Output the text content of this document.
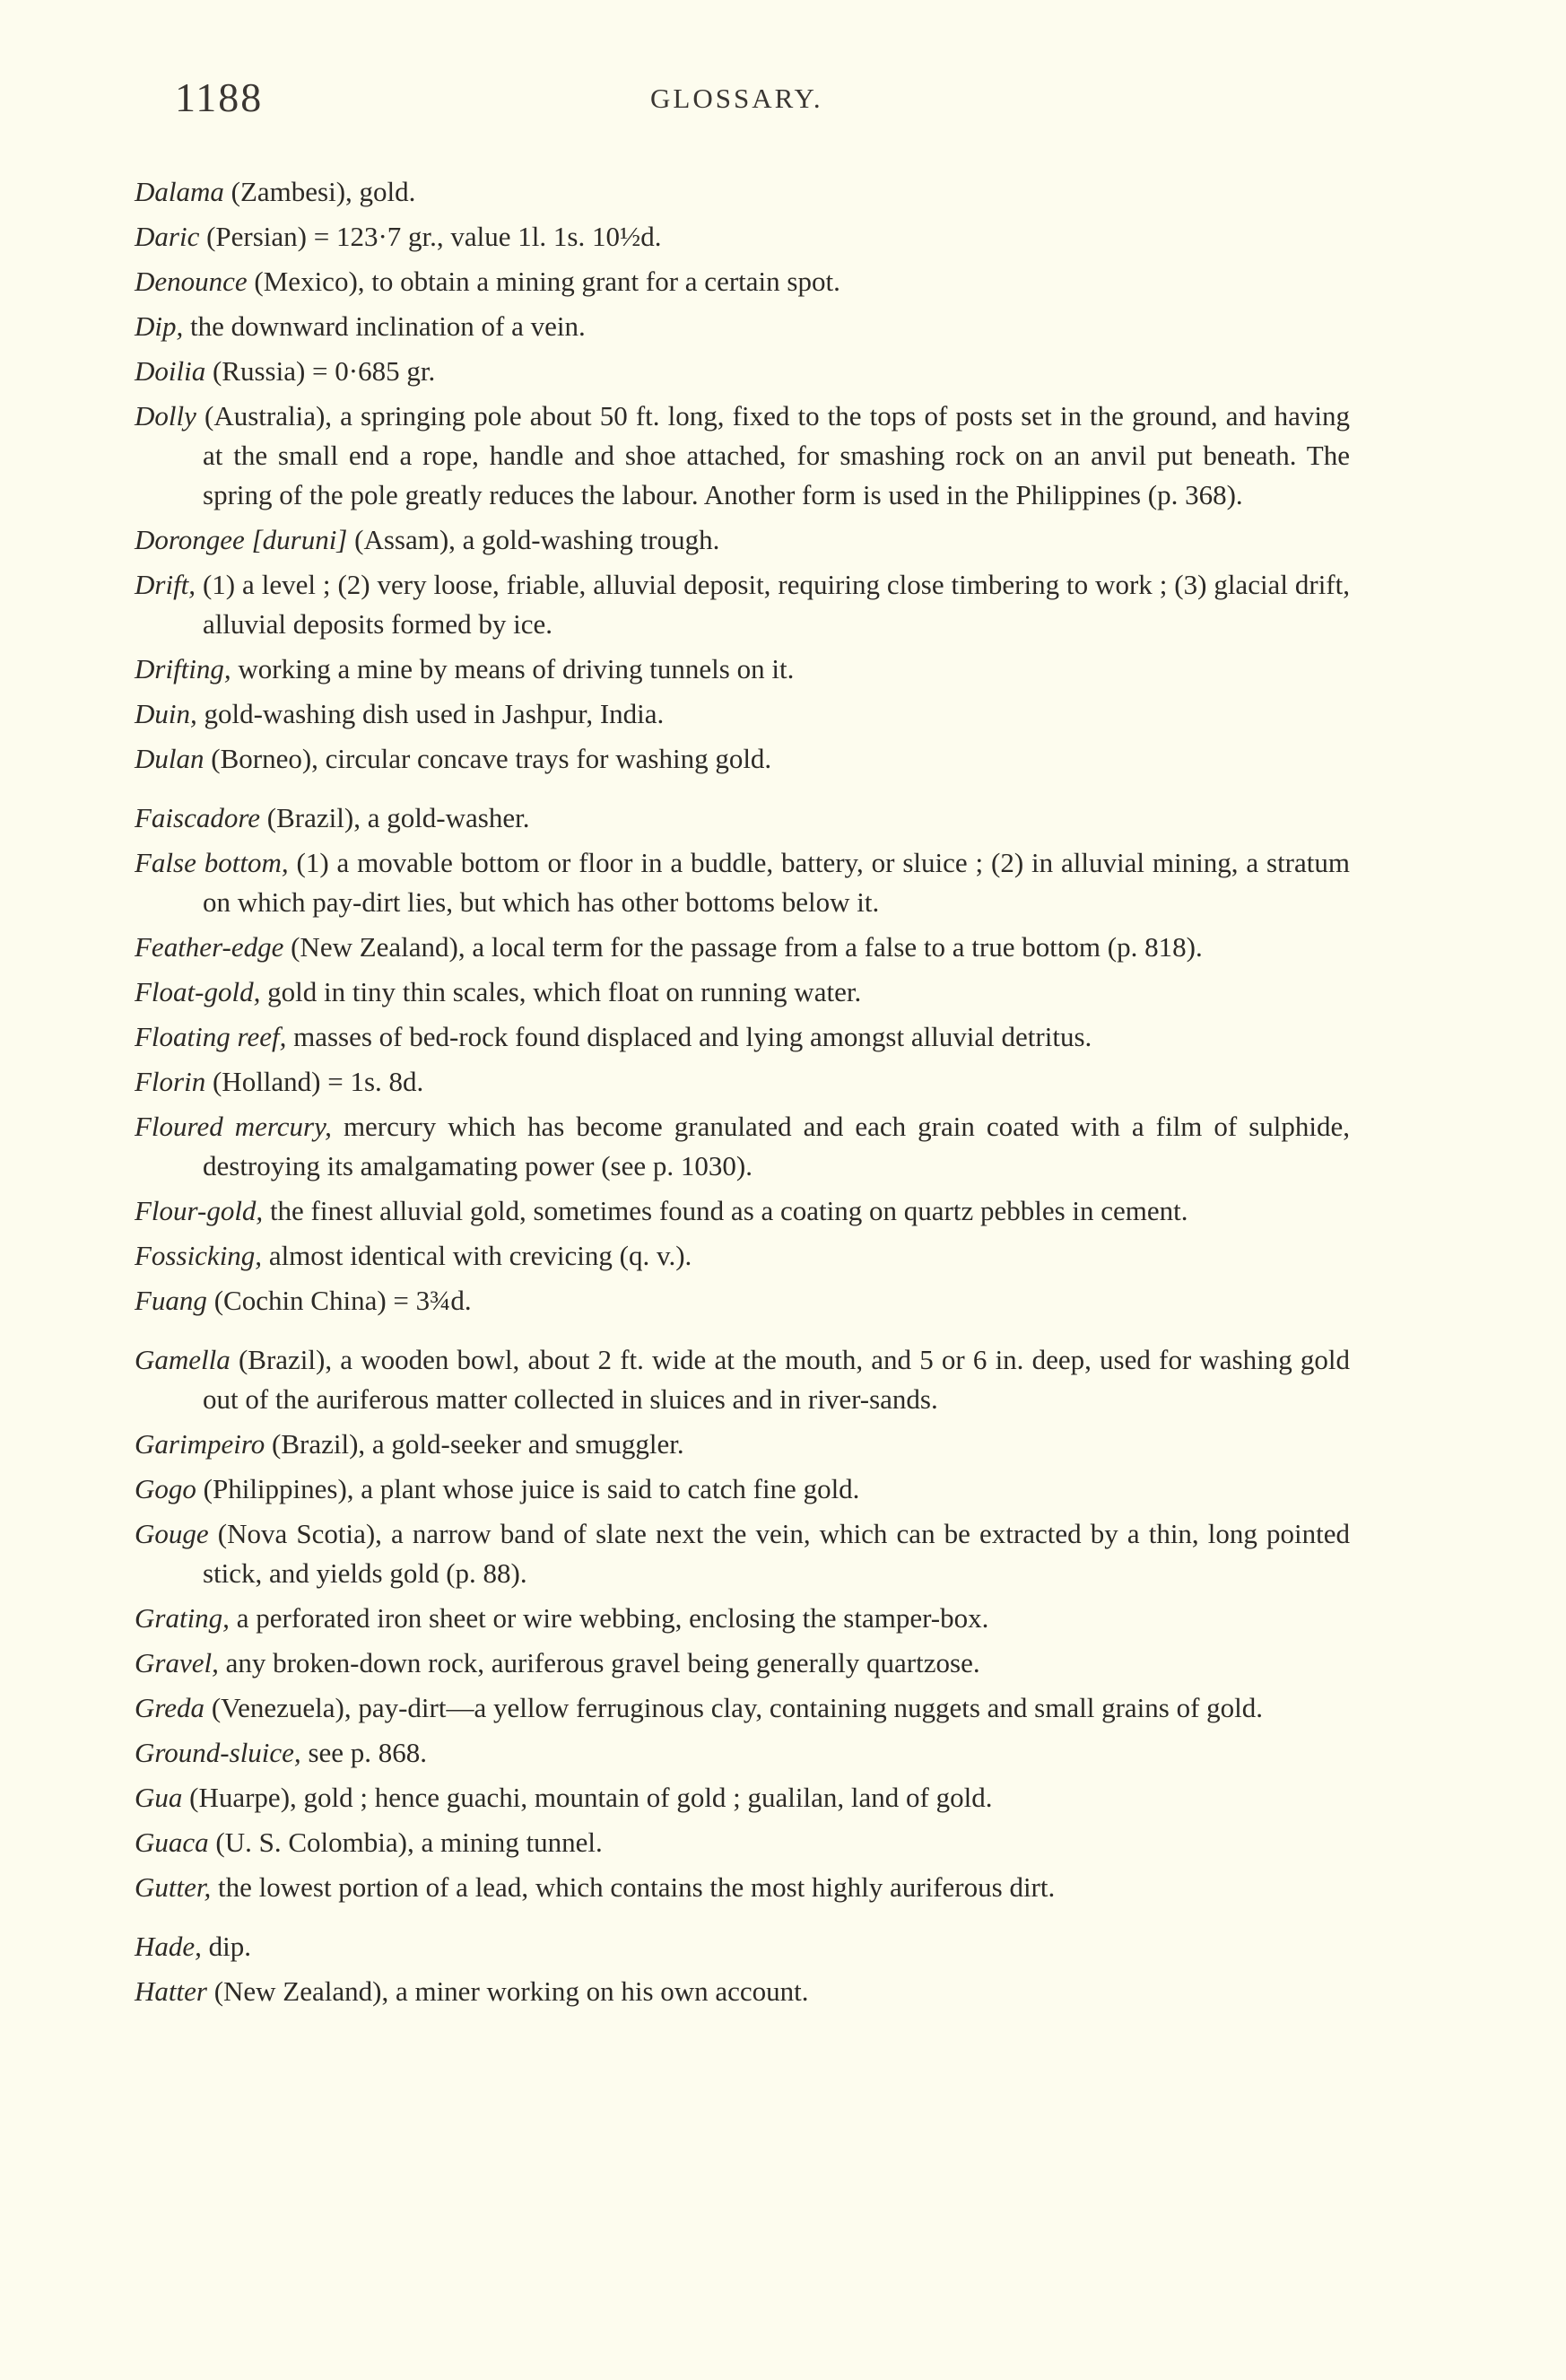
1188	GLOSSARY.

Dalama (Zambesi), gold.

Daric (Persian) = 123·7 gr., value 1l. 1s. 10½d.

Denounce (Mexico), to obtain a mining grant for a certain spot.

Dip, the downward inclination of a vein.

Doilia (Russia) = 0·685 gr.

Dolly (Australia), a springing pole about 50 ft. long, fixed to the tops of posts set in the ground, and having at the small end a rope, handle and shoe attached, for smashing rock on an anvil put beneath. The spring of the pole greatly reduces the labour. Another form is used in the Philippines (p. 368).

Dorongee [duruni] (Assam), a gold-washing trough.

Drift, (1) a level ; (2) very loose, friable, alluvial deposit, requiring close timbering to work ; (3) glacial drift, alluvial deposits formed by ice.

Drifting, working a mine by means of driving tunnels on it.

Duin, gold-washing dish used in Jashpur, India.

Dulan (Borneo), circular concave trays for washing gold.

Faiscadore (Brazil), a gold-washer.

False bottom, (1) a movable bottom or floor in a buddle, battery, or sluice ; (2) in alluvial mining, a stratum on which pay-dirt lies, but which has other bottoms below it.

Feather-edge (New Zealand), a local term for the passage from a false to a true bottom (p. 818).

Float-gold, gold in tiny thin scales, which float on running water.

Floating reef, masses of bed-rock found displaced and lying amongst alluvial detritus.

Florin (Holland) = 1s. 8d.

Floured mercury, mercury which has become granulated and each grain coated with a film of sulphide, destroying its amalgamating power (see p. 1030).

Flour-gold, the finest alluvial gold, sometimes found as a coating on quartz pebbles in cement.

Fossicking, almost identical with crevicing (q. v.).

Fuang (Cochin China) = 3¾d.

Gamella (Brazil), a wooden bowl, about 2 ft. wide at the mouth, and 5 or 6 in. deep, used for washing gold out of the auriferous matter collected in sluices and in river-sands.

Garimpeiro (Brazil), a gold-seeker and smuggler.

Gogo (Philippines), a plant whose juice is said to catch fine gold.

Gouge (Nova Scotia), a narrow band of slate next the vein, which can be extracted by a thin, long pointed stick, and yields gold (p. 88).

Grating, a perforated iron sheet or wire webbing, enclosing the stamper-box.

Gravel, any broken-down rock, auriferous gravel being generally quartzose.

Greda (Venezuela), pay-dirt—a yellow ferruginous clay, containing nuggets and small grains of gold.

Ground-sluice, see p. 868.

Gua (Huarpe), gold ; hence guachi, mountain of gold ; gualilan, land of gold.

Guaca (U. S. Colombia), a mining tunnel.

Gutter, the lowest portion of a lead, which contains the most highly auriferous dirt.

Hade, dip.

Hatter (New Zealand), a miner working on his own account.
